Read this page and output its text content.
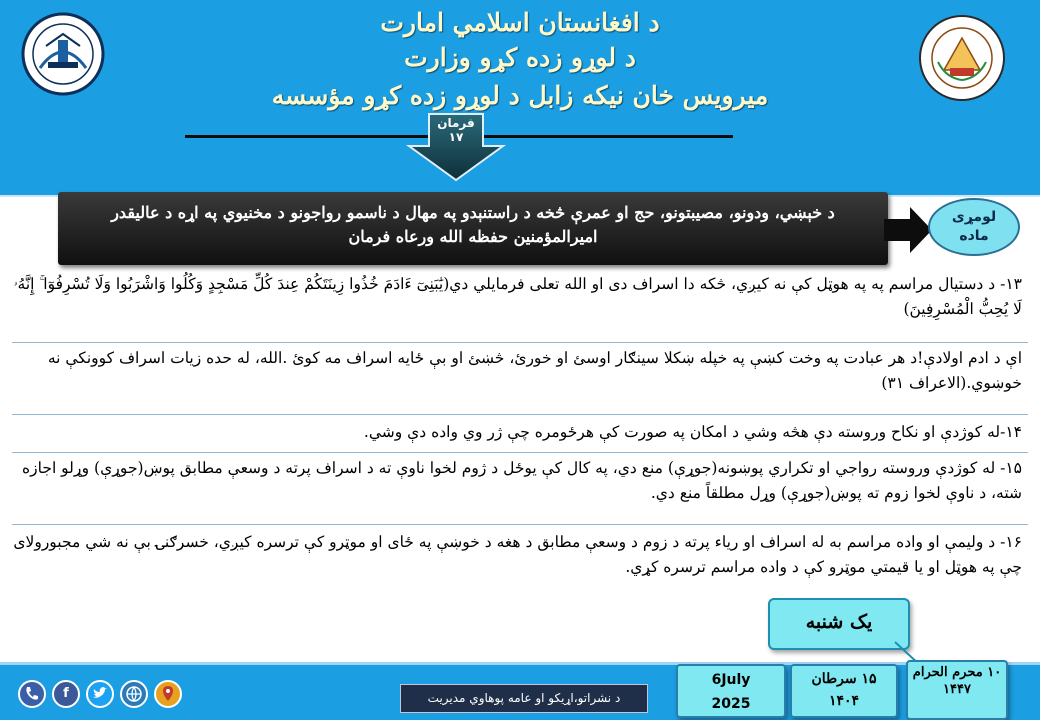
د افغانستان اسلامي امارت
د لوړو زده کړو وزارت
میرویس خان نیکه زابل د لوړو زده کړو مؤسسه
فرمان
۱۷
د خېښي، ودونو، مصیبتونو، حج او عمرې څخه د راستنېدو په مهال د ناسمو رواجونو د مخنیوي په اړه د عالیقدر امیرالمؤمنین حفظه الله ورعاه فرمان
لومړی
ماده
۱۳- د دستیال مراسم په په هوټل کې نه کیږي، څکه دا اسراف دی او الله تعلی فرمایلي دي(يَٰبَنِىٓ ءَادَمَ خُذُوا زِينَتَكُمْ عِندَ كُلِّ مَسْجِدٍ وَكُلُوا وَاشْرَبُوا وَلَا تُسْرِفُوٓا ۚ إِنَّهُۥ لَا يُحِبُّ الْمُسْرِفِينَ)
اې د ادم اولادې!د هر عبادت په وخت کښې په خپله ښکلا سینګار اوسئ او خورئ، څښئ او بې ځایه اسراف مه کوئ .الله، له حده زیات اسراف کوونکې نه خوښوي.(الاعراف ۳۱)
۱۴-له کوژدې او نکاح وروسته دې هڅه وشي د امکان په صورت کې هرځومره چې ژر وي واده دې وشي.
۱۵- له کوژدې وروسته رواجي او تکراري پوښونه(جوړې) منع دي، په کال کې یوځل د ژوم لخوا ناوې ته د اسراف پرته د وسعې مطابق پوښ(جوړې) وړلو اجازه شته، د ناوې لخوا زوم ته پوښ(جوړې) وړل مطلقاً منع دي.
۱۶- د ولیمې او واده مراسم به له اسراف او ریاء پرته د زوم د وسعې مطابق د هغه د خوښې په ځای او موټرو کې ترسره کیږي، خسرګنۍ بې نه شي مجبورولای چې په هوټل او یا قیمتي موټرو کې د واده مراسم ترسره کړي.
یک شنبه
f	د نشراتو،اړیکو او عامه پوهاوي مدیریت
6July
2025
۱۵ سرطان
۱۴۰۴
۱۰ محرم الحرام
۱۴۴۷
